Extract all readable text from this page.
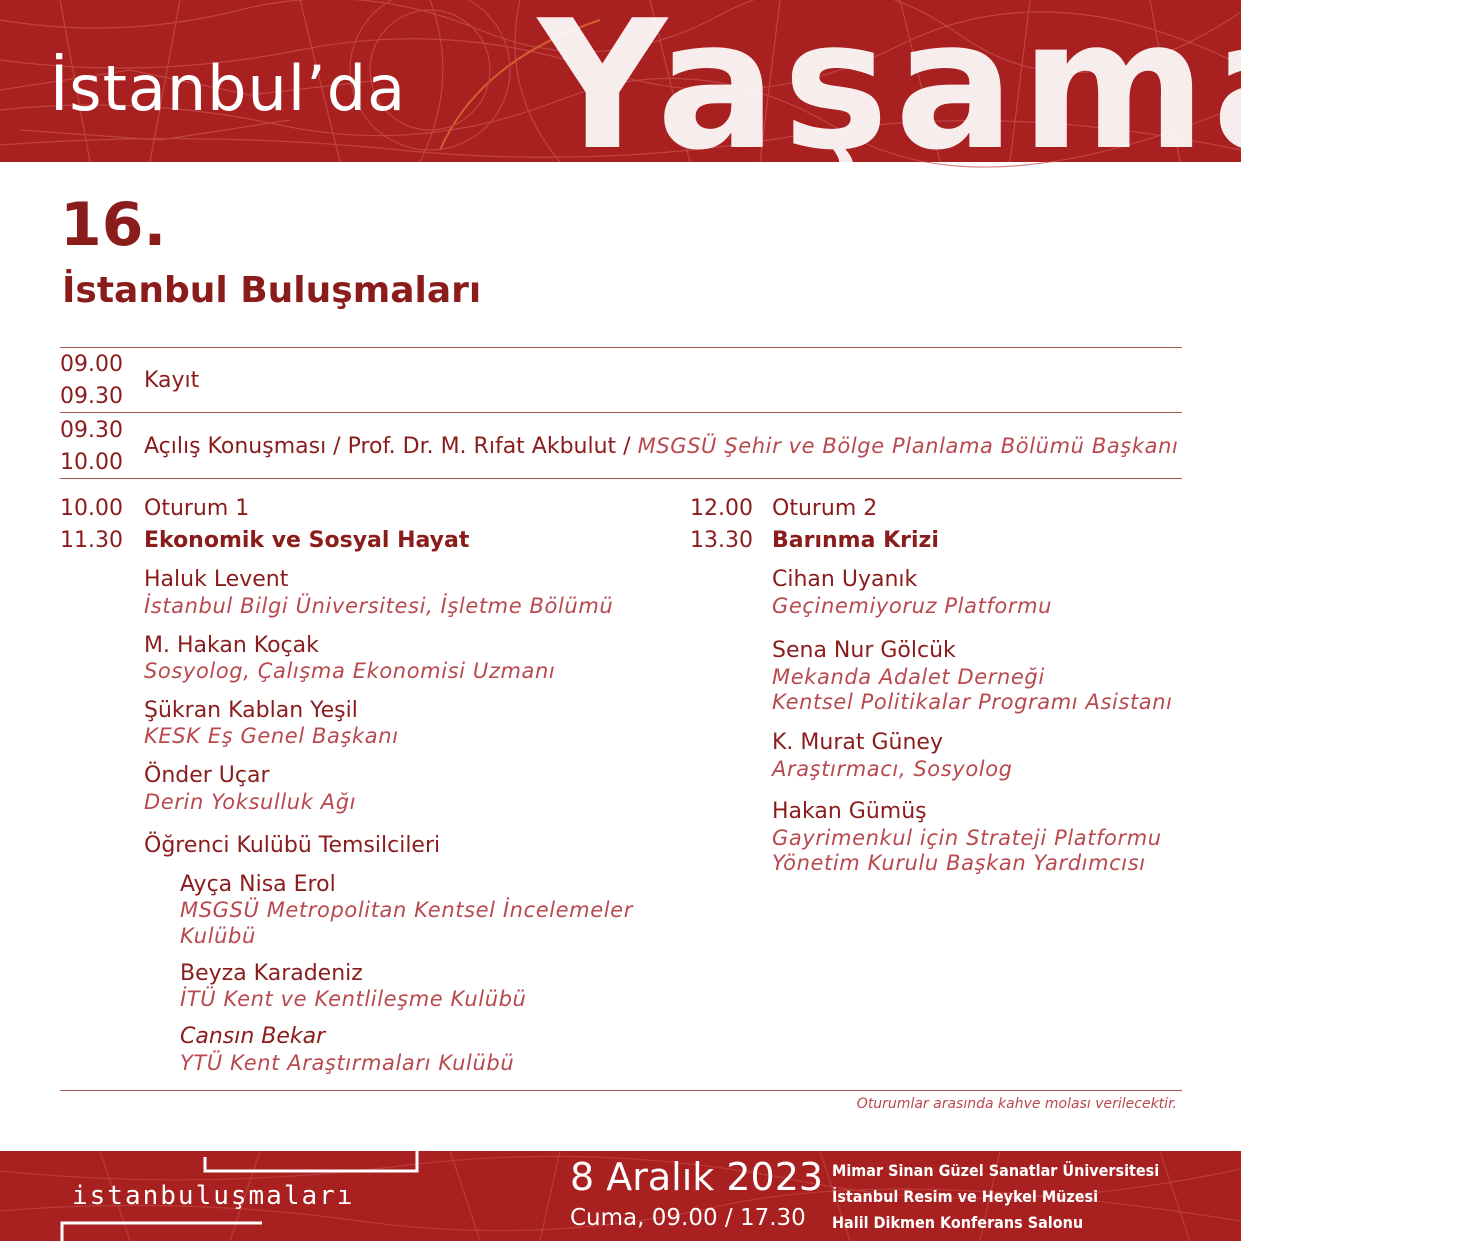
İstanbul’da Yaşamak
16.
İstanbul Buluşmaları
09.00
09.30
Kayıt
09.30
10.00
Açılış Konuşması / Prof. Dr. M. Rıfat Akbulut / MSGSÜ Şehir ve Bölge Planlama Bölümü Başkanı
10.00
11.30
Oturum 1
Ekonomik ve Sosyal Hayat
Haluk Levent
İstanbul Bilgi Üniversitesi, İşletme Bölümü
M. Hakan Koçak
Sosyolog, Çalışma Ekonomisi Uzmanı
Şükran Kablan Yeşil
KESK Eş Genel Başkanı
Önder Uçar
Derin Yoksulluk Ağı
Öğrenci Kulübü Temsilcileri
Ayça Nisa Erol
MSGSÜ Metropolitan Kentsel İncelemeler
Kulübü
Beyza Karadeniz
İTÜ Kent ve Kentlileşme Kulübü
Cansın Bekar
YTÜ Kent Araştırmaları Kulübü
12.00
13.30
Oturum 2
Barınma Krizi
Cihan Uyanık
Geçinemiyoruz Platformu
Sena Nur Gölcük
Mekanda Adalet Derneği
Kentsel Politikalar Programı Asistanı
K. Murat Güney
Araştırmacı, Sosyolog
Hakan Gümüş
Gayrimenkul için Strateji Platformu
Yönetim Kurulu Başkan Yardımcısı
Oturumlar arasında kahve molası verilecektir.
istanbuluşmaları	8 Aralık 2023
Cuma, 09.00 / 17.30
Mimar Sinan Güzel Sanatlar Üniversitesi
İstanbul Resim ve Heykel Müzesi
Halil Dikmen Konferans Salonu
